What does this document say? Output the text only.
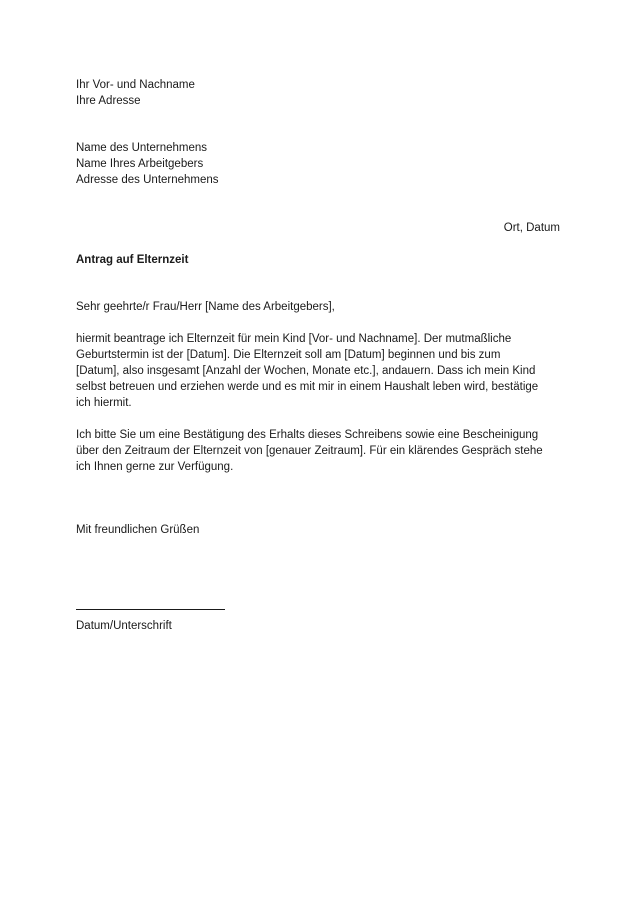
Ihr Vor- und Nachname
Ihre Adresse
Name des Unternehmens
Name Ihres Arbeitgebers
Adresse des Unternehmens
Ort, Datum
Antrag auf Elternzeit
Sehr geehrte/r Frau/Herr [Name des Arbeitgebers],
hiermit beantrage ich Elternzeit für mein Kind [Vor- und Nachname]. Der mutmaßliche
Geburtstermin ist der [Datum]. Die Elternzeit soll am [Datum] beginnen und bis zum
[Datum], also insgesamt [Anzahl der Wochen, Monate etc.], andauern. Dass ich mein Kind
selbst betreuen und erziehen werde und es mit mir in einem Haushalt leben wird, bestätige
ich hiermit.
Ich bitte Sie um eine Bestätigung des Erhalts dieses Schreibens sowie eine Bescheinigung
über den Zeitraum der Elternzeit von [genauer Zeitraum]. Für ein klärendes Gespräch stehe
ich Ihnen gerne zur Verfügung.
Mit freundlichen Grüßen
Datum/Unterschrift
